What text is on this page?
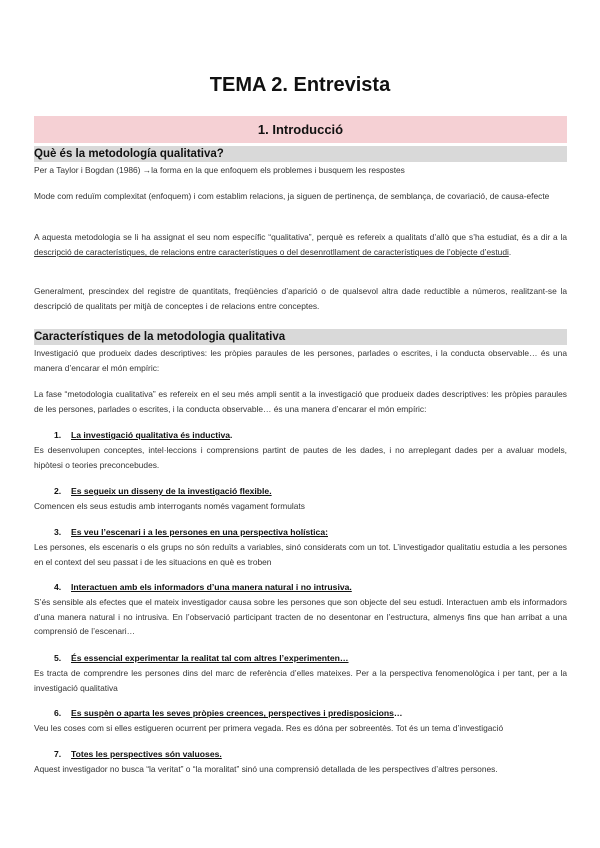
TEMA 2. Entrevista
1. Introducció
Què és la metodología qualitativa?

Per a Taylor i Bogdan (1986) →la forma en la que enfoquem els problemes i busquem les respostes

Mode com reduïm complexitat (enfoquem) i com establim relacions, ja siguen de pertinença, de semblança, de covariació, de causa-efecte

A aquesta metodologia se li ha assignat el seu nom específic “qualitativa”, perquè es refereix a qualitats d’allò que s’ha estudiat, és a dir a la descripció de característiques, de relacions entre característiques o del desenrotllament de característiques de l’objecte d’estudi.

Generalment, prescindex del registre de quantitats, freqüències d’aparició o de qualsevol altra dade reductible a números, realitzant-se la descripció de qualitats per mitjà de conceptes i de relacions entre conceptes.

Característiques de la metodologia qualitativa

Investigació que produeix dades descriptives: les pròpies paraules de les persones, parlades o escrites, i la conducta observable… és una manera d’encarar el món empíric:

La fase “metodologia cualitativa” es refereix en el seu més ampli sentit a la investigació que produeix dades descriptives: les pròpies paraules de les persones, parlades o escrites, i la conducta observable… és una manera d’encarar el món empíric:

1. La investigació qualitativa és inductiva.

Es desenvolupen conceptes, intel·leccions i comprensions partint de pautes de les dades, i no arreplegant dades per a avaluar models, hipòtesi o teories preconcebudes.

2. Es segueix un disseny de la investigació flexible.

Comencen els seus estudis amb interrogants només vagament formulats

3. Es veu l’escenari i a les persones en una perspectiva holística:

Les persones, els escenaris o els grups no són reduïts a variables, sinó considerats com un tot. L’investigador qualitatiu estudia a les persones en el context del seu passat i de les situacions en què es troben

4. Interactuen amb els informadors d’una manera natural i no intrusiva.

S’és sensible als efectes que el mateix investigador causa sobre les persones que son objecte del seu estudi. Interactuen amb els informadors d’una manera natural i no intrusiva. En l’observació participant tracten de no desentonar en l’estructura, almenys fins que han arribat a una comprensió de l’escenari…

5. És essencial experimentar la realitat tal com altres l’experimenten…

Es tracta de comprendre les persones dins del marc de referència d’elles mateixes. Per a la perspectiva fenomenològica i per tant, per a la investigació qualitativa

6. Es suspèn o aparta les seves pròpies creences, perspectives i predisposicions…

Veu les coses com si elles estigueren ocurrent per primera vegada. Res es dóna per sobreentès. Tot és un tema d’investigació

7. Totes les perspectives són valuoses.

Aquest investigador no busca “la veritat” o “la moralitat” sinó una comprensió detallada de les perspectives d’altres persones.
